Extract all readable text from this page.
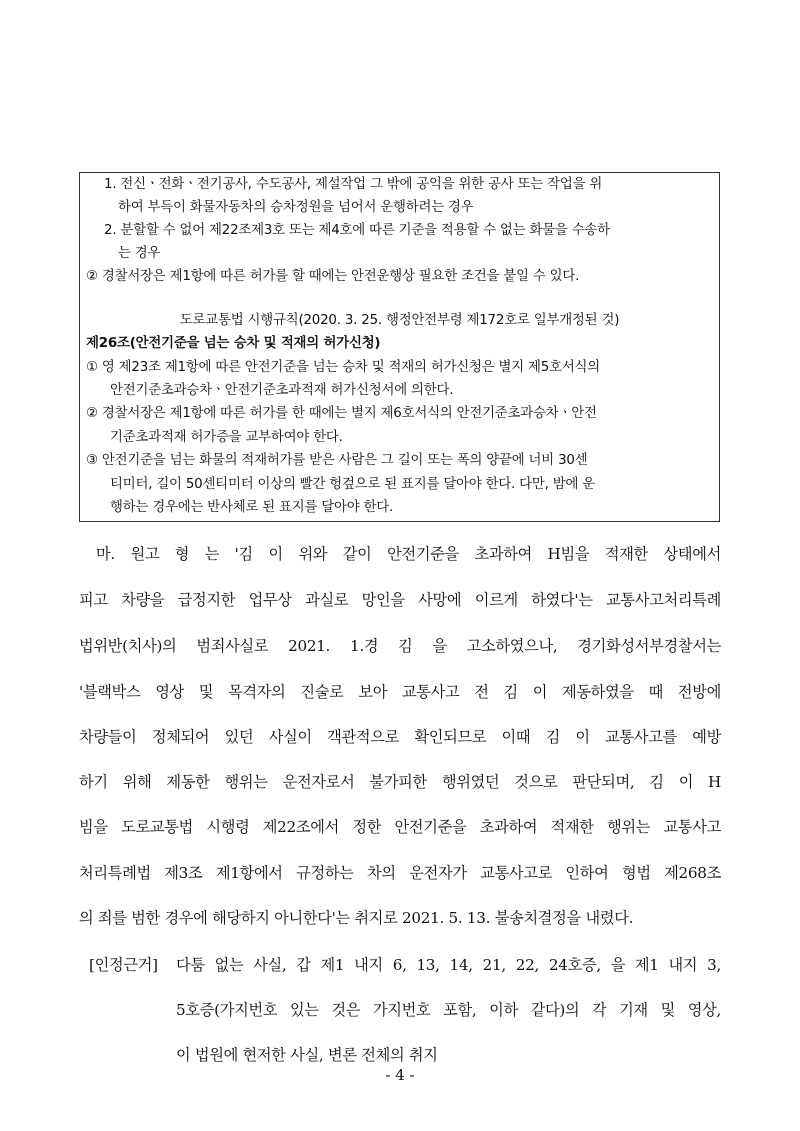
1. 전신ㆍ전화ㆍ전기공사, 수도공사, 제설작업 그 밖에 공익을 위한 공사 또는 작업을 위
하여 부득이 화물자동차의 승차정원을 넘어서 운행하려는 경우
2. 분할할 수 없어 제22조제3호 또는 제4호에 따른 기준을 적용할 수 없는 화물을 수송하
는 경우
② 경찰서장은 제1항에 따른 허가를 할 때에는 안전운행상 필요한 조건을 붙일 수 있다.
도로교통법 시행규칙(2020. 3. 25. 행정안전부령 제172호로 일부개정된 것)
제26조(안전기준을 넘는 승차 및 적재의 허가신청)
① 영 제23조 제1항에 따른 안전기준을 넘는 승차 및 적재의 허가신청은 별지 제5호서식의
안전기준초과승차ㆍ안전기준초과적재 허가신청서에 의한다.
② 경찰서장은 제1항에 따른 허가를 한 때에는 별지 제6호서식의 안전기준초과승차ㆍ안전
기준초과적재 허가증을 교부하여야 한다.
③ 안전기준을 넘는 화물의 적재허가를 받은 사람은 그 길이 또는 폭의 양끝에 너비 30센
티미터, 길이 50센티미터 이상의 빨간 헝겊으로 된 표지를 달아야 한다. 다만, 밤에 운
행하는 경우에는 반사체로 된 표지를 달아야 한다.
마. 원고 형 는 '김 이 위와 같이 안전기준을 초과하여 H빔을 적재한 상태에서
피고 차량을 급정지한 업무상 과실로 망인을 사망에 이르게 하였다'는 교통사고처리특례
법위반(치사)의 범죄사실로 2021. 1.경 김 을 고소하였으나, 경기화성서부경찰서는
'블랙박스 영상 및 목격자의 진술로 보아 교통사고 전 김 이 제동하였을 때 전방에
차량들이 정체되어 있던 사실이 객관적으로 확인되므로 이때 김 이 교통사고를 예방
하기 위해 제동한 행위는 운전자로서 불가피한 행위였던 것으로 판단되며, 김 이 H
빔을 도로교통법 시행령 제22조에서 정한 안전기준을 초과하여 적재한 행위는 교통사고
처리특례법 제3조 제1항에서 규정하는 차의 운전자가 교통사고로 인하여 형법 제268조
의 죄를 범한 경우에 해당하지 아니한다'는 취지로 2021. 5. 13. 불송치결정을 내렸다.
[인정근거]	다툼 없는 사실, 갑 제1 내지 6, 13, 14, 21, 22, 24호증, 을 제1 내지 3,
5호증(가지번호 있는 것은 가지번호 포함, 이하 같다)의 각 기재 및 영상,
이 법원에 현저한 사실, 변론 전체의 취지
- 4 -
